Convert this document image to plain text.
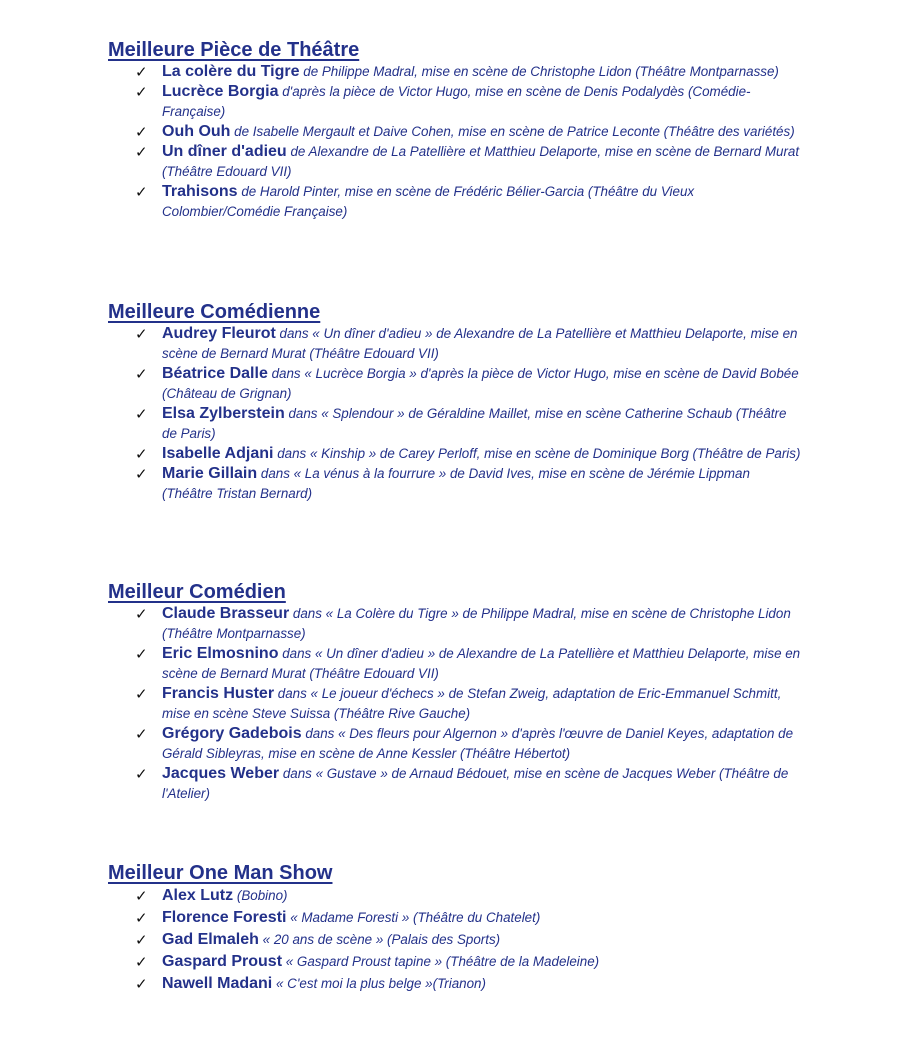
Meilleure Pièce de Théâtre
✓ La colère du Tigre de Philippe Madral, mise en scène de Christophe Lidon (Théâtre Montparnasse)
✓ Lucrèce Borgia d'après la pièce de Victor Hugo, mise en scène de Denis Podalydès (Comédie-Française)
✓ Ouh Ouh de Isabelle Mergault et Daive Cohen, mise en scène de Patrice Leconte (Théâtre des variétés)
✓ Un dîner d'adieu de Alexandre de La Patellière et Matthieu Delaporte, mise en scène de Bernard Murat (Théâtre Edouard VII)
✓ Trahisons de Harold Pinter, mise en scène de Frédéric Bélier-Garcia (Théâtre du Vieux Colombier/Comédie Française)
Meilleure Comédienne
✓ Audrey Fleurot dans « Un dîner d'adieu » de Alexandre de La Patellière et Matthieu Delaporte, mise en scène de Bernard Murat (Théâtre Edouard VII)
✓ Béatrice Dalle dans « Lucrèce Borgia » d'après la pièce de Victor Hugo, mise en scène de David Bobée (Château de Grignan)
✓ Elsa Zylberstein dans « Splendour » de Géraldine Maillet, mise en scène Catherine Schaub (Théâtre de Paris)
✓ Isabelle Adjani dans « Kinship » de Carey Perloff, mise en scène de Dominique Borg (Théâtre de Paris)
✓ Marie Gillain dans « La vénus à la fourrure » de David Ives, mise en scène de Jérémie Lippman (Théâtre Tristan Bernard)
Meilleur Comédien
✓ Claude Brasseur dans « La Colère du Tigre » de Philippe Madral, mise en scène de Christophe Lidon (Théâtre Montparnasse)
✓ Eric Elmosnino dans « Un dîner d'adieu » de Alexandre de La Patellière et Matthieu Delaporte, mise en scène de Bernard Murat (Théâtre Edouard VII)
✓ Francis Huster dans « Le joueur d'échecs » de Stefan Zweig, adaptation de Eric-Emmanuel Schmitt, mise en scène Steve Suissa (Théâtre Rive Gauche)
✓ Grégory Gadebois dans « Des fleurs pour Algernon » d'après l'œuvre de Daniel Keyes, adaptation de Gérald Sibleyras, mise en scène de Anne Kessler (Théâtre Hébertot)
✓ Jacques Weber dans « Gustave » de Arnaud Bédouet, mise en scène de Jacques Weber (Théâtre de l'Atelier)
Meilleur One Man Show
✓ Alex Lutz (Bobino)
✓ Florence Foresti « Madame Foresti » (Théâtre du Chatelet)
✓ Gad Elmaleh « 20 ans de scène » (Palais des Sports)
✓ Gaspard Proust « Gaspard Proust tapine » (Théâtre de la Madeleine)
✓ Nawell Madani « C'est moi la plus belge »(Trianon)
